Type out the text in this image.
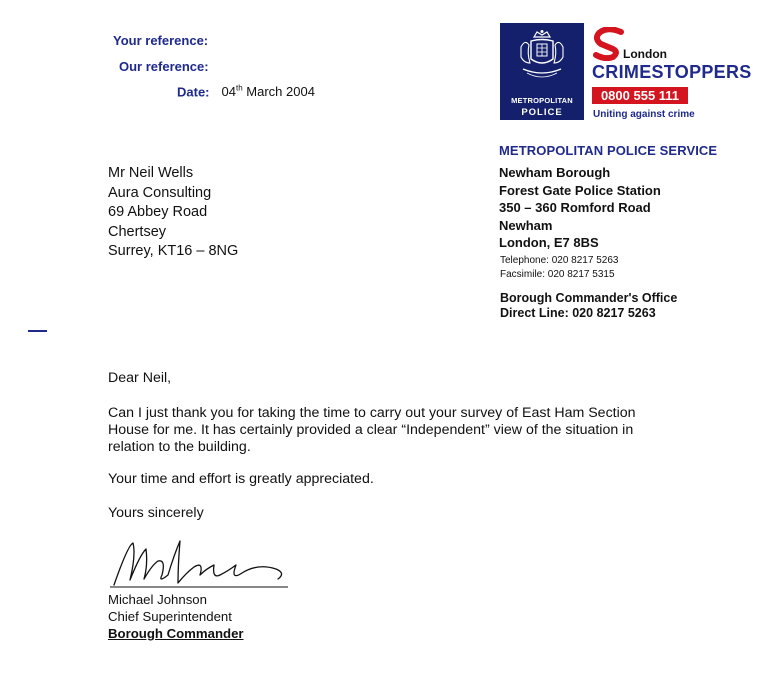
Your reference:
Our reference:
Date: 04th March 2004
METROPOLITAN
POLICE
London
CRIMESTOPPERS
0800 555 111
Uniting against crime
METROPOLITAN POLICE SERVICE
Newham Borough
Forest Gate Police Station
350 – 360 Romford Road
Newham
London, E7 8BS
Telephone: 020 8217 5263
Facsimile: 020 8217 5315
Borough Commander's Office
Direct Line: 020 8217 5263
Mr Neil Wells
Aura Consulting
69 Abbey Road
Chertsey
Surrey, KT16 – 8NG
Dear Neil,
Can I just thank you for taking the time to carry out your survey of East Ham Section
House for me. It has certainly provided a clear “Independent” view of the situation in
relation to the building.
Your time and effort is greatly appreciated.
Yours sincerely
Michael Johnson
Chief Superintendent
Borough Commander
